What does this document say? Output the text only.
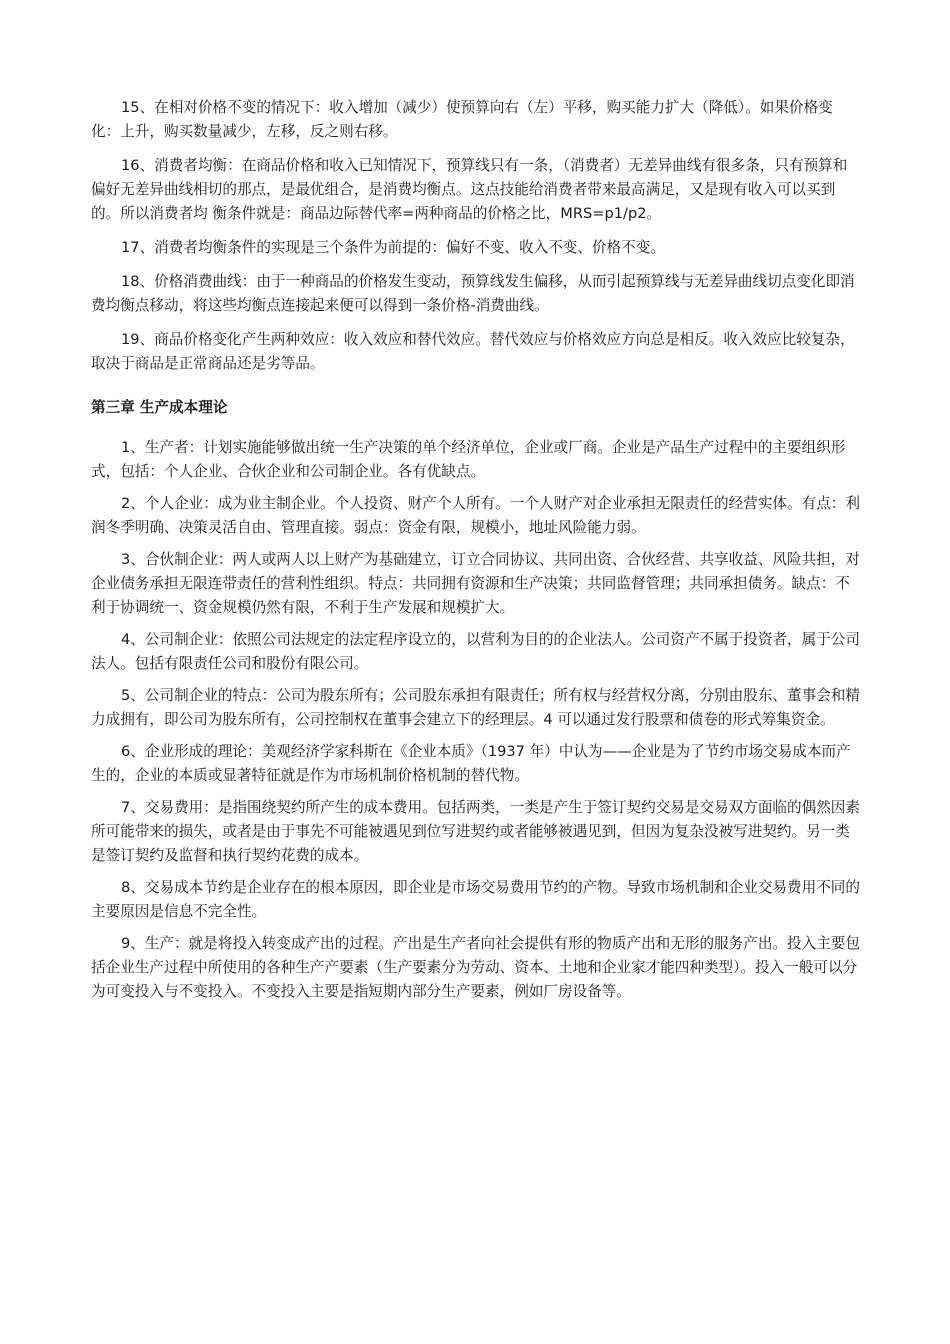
15、在相对价格不变的情况下：收入增加（减少）使预算向右（左）平移，购买能力扩大（降低）。如果价格变化：上升，购买数量减少，左移，反之则右移。

16、消费者均衡：在商品价格和收入已知情况下，预算线只有一条，（消费者）无差异曲线有很多条，只有预算和偏好无差异曲线相切的那点，是最优组合，是消费均衡点。这点技能给消费者带来最高满足，又是现有收入可以买到的。所以消费者均 衡条件就是：商品边际替代率=两种商品的价格之比，MRS=p1/p2。

17、消费者均衡条件的实现是三个条件为前提的：偏好不变、收入不变、价格不变。

18、价格消费曲线：由于一种商品的价格发生变动，预算线发生偏移，从而引起预算线与无差异曲线切点变化即消费均衡点移动，将这些均衡点连接起来便可以得到一条价格-消费曲线。

19、商品价格变化产生两种效应：收入效应和替代效应。替代效应与价格效应方向总是相反。收入效应比较复杂，取决于商品是正常商品还是劣等品。

第三章 生产成本理论

1、生产者：计划实施能够做出统一生产决策的单个经济单位，企业或厂商。企业是产品生产过程中的主要组织形式，包括：个人企业、合伙企业和公司制企业。各有优缺点。

2、个人企业：成为业主制企业。个人投资、财产个人所有。一个人财产对企业承担无限责任的经营实体。有点：利润冬季明确、决策灵活自由、管理直接。弱点：资金有限，规模小，地址风险能力弱。

3、合伙制企业：两人或两人以上财产为基础建立，订立合同协议、共同出资、合伙经营、共享收益、风险共担，对企业债务承担无限连带责任的营利性组织。特点：共同拥有资源和生产决策；共同监督管理；共同承担债务。缺点：不利于协调统一、资金规模仍然有限，不利于生产发展和规模扩大。

4、公司制企业：依照公司法规定的法定程序设立的，以营利为目的的企业法人。公司资产不属于投资者，属于公司法人。包括有限责任公司和股份有限公司。

5、公司制企业的特点：公司为股东所有；公司股东承担有限责任；所有权与经营权分离，分别由股东、董事会和精力成拥有，即公司为股东所有，公司控制权在董事会建立下的经理层。4 可以通过发行股票和债卷的形式筹集资金。

6、企业形成的理论：美观经济学家科斯在《企业本质》（1937 年）中认为——企业是为了节约市场交易成本而产生的，企业的本质或显著特征就是作为市场机制价格机制的替代物。

7、交易费用：是指围绕契约所产生的成本费用。包括两类，一类是产生于签订契约交易是交易双方面临的偶然因素所可能带来的损失，或者是由于事先不可能被遇见到位写进契约或者能够被遇见到，但因为复杂没被写进契约。另一类是签订契约及监督和执行契约花费的成本。

8、交易成本节约是企业存在的根本原因，即企业是市场交易费用节约的产物。导致市场机制和企业交易费用不同的主要原因是信息不完全性。

9、生产：就是将投入转变成产出的过程。产出是生产者向社会提供有形的物质产出和无形的服务产出。投入主要包括企业生产过程中所使用的各种生产产要素（生产要素分为劳动、资本、土地和企业家才能四种类型）。投入一般可以分为可变投入与不变投入。不变投入主要是指短期内部分生产要素，例如厂房设备等。
